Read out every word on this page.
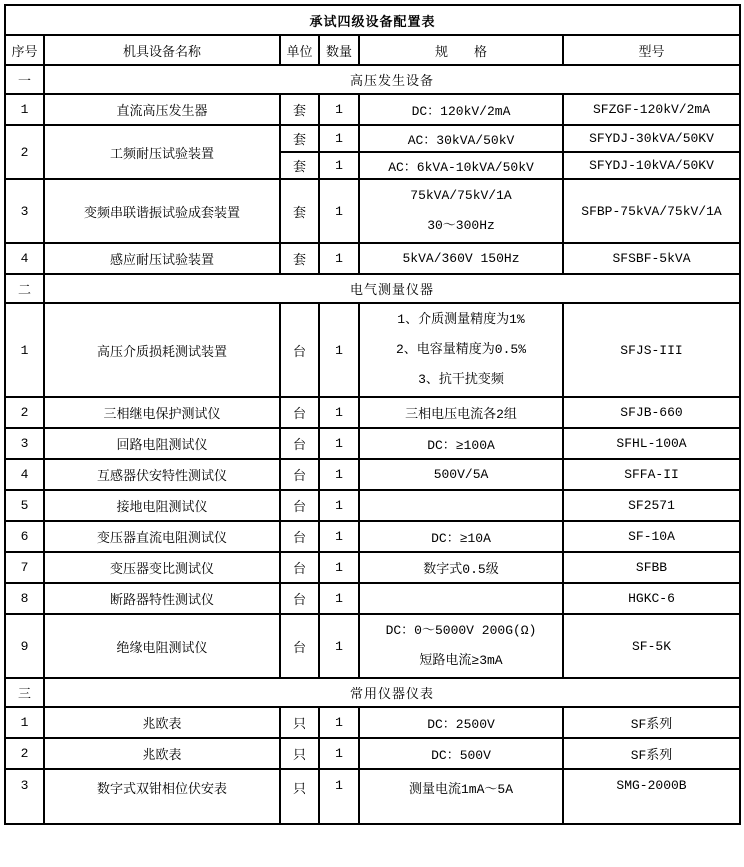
承试四级设备配置表					
序号	机具设备名称	单位	数量	规　　格	型号
一	高压发生设备				
1	直流高压发生器	套	1	DC：120kV/2mA	SFZGF-120kV/2mA
2	工频耐压试验装置	套	1	AC：30kVA/50kV	SFYDJ-30kVA/50KV
		套	1	AC：6kVA-10kVA/50kV	SFYDJ-10kVA/50KV
3	变频串联谐振试验成套装置	套	1	75kVA/75kV/1A
30～300Hz	SFBP-75kVA/75kV/1A
4	感应耐压试验装置	套	1	5kVA/360V 150Hz	SFSBF-5kVA
二	电气测量仪器				
1	高压介质损耗测试装置	台	1	1、介质测量精度为1%
2、电容量精度为0.5%
3、抗干扰变频	SFJS-III
2	三相继电保护测试仪	台	1	三相电压电流各2组	SFJB-660
3	回路电阻测试仪	台	1	DC：≥100A	SFHL-100A
4	互感器伏安特性测试仪	台	1	500V/5A	SFFA-II
5	接地电阻测试仪	台	1		SF2571
6	变压器直流电阻测试仪	台	1	DC：≥10A	SF-10A
7	变压器变比测试仪	台	1	数字式0.5级	SFBB
8	断路器特性测试仪	台	1		HGKC-6
9	绝缘电阻测试仪	台	1	DC：0～5000V 200G(Ω)
短路电流≥3mA	SF-5K
三	常用仪器仪表				
1	兆欧表	只	1	DC：2500V	SF系列
2	兆欧表	只	1	DC：500V	SF系列
3	数字式双钳相位伏安表	只	1	测量电流1mA～5A	SMG-2000B
